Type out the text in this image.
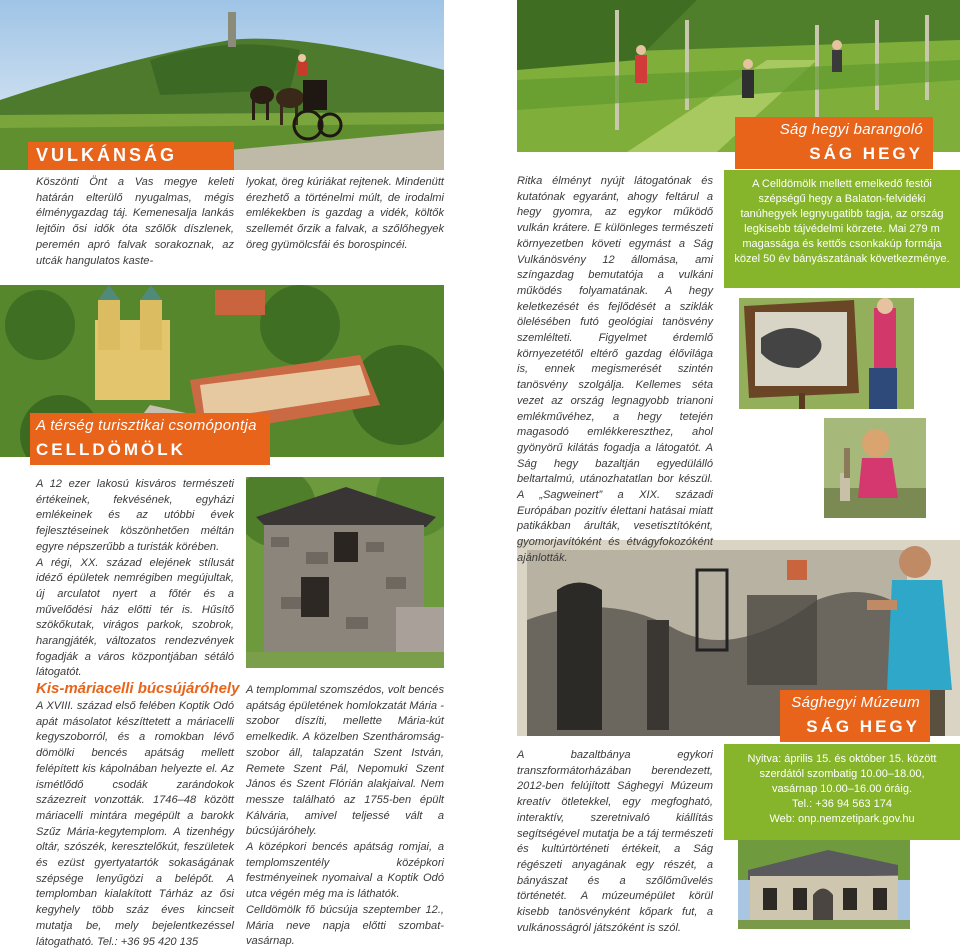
VULKÁNSÁG
A térség turisztikai csomópontja
CELLDÖMÖLK
Ság hegyi barangoló
SÁG HEGY
Sághegyi Múzeum
SÁG HEGY

Köszönti Önt a Vas megye keleti határán elterülő nyugalmas, mégis élménygazdag táj. Kemenesalja lankás lejtőin ősi idők óta szőlők díszlenek, peremén apró falvak sorakoznak, az utcák hangulatos kaste-

lyokat, öreg kúriákat rejtenek. Mindenütt érezhető a történelmi múlt, de irodalmi emlékekben is gazdag a vidék, költők szellemét őrzik a falvak, a szőlőhegyek öreg gyümölcsfái és borospincéi.

A 12 ezer lakosú kisváros természeti értékeinek, fekvésének, egyházi emlékeinek és az utóbbi évek fejlesztéseinek köszönhetően méltán egyre népszerűbb a turisták körében.

A régi, XX. század elejének stílusát idéző épületek nemrégiben megújultak, új arculatot nyert a főtér és a művelődési ház előtti tér is. Hűsítő szökőkutak, virágos parkok, szobrok, harangjáték, változatos rendezvények fogadják a város központjában sétáló látogatót.

Kis-máriacelli búcsújáróhely

A XVIII. század első felében Koptik Odó apát másolatot készíttetett a máriacelli kegyszoborról, és a romokban lévő dömölki bencés apátság mellett felépített kis kápolnában helyezte el. Az ismétlődő csodák zarándokok százezreit vonzották. 1746–48 között máriacelli mintára megépült a barokk Szűz Mária-kegytemplom. A tizenhégy oltár, szószék, keresztelőkút, feszületek és ezüst gyertyatartók sokaságának szépsége lenyűgözi a belépőt. A templomban kialakított Tárház az ősi kegyhely több száz éves kincseit mutatja be, mely bejelentkezéssel látogatható. Tel.: +36 95 420 135

A templommal szomszédos, volt bencés apátság épületének homlokzatát Mária -szobor díszíti, mellette Mária-kút emelkedik. A közelben Szentháromság-szobor áll, talapzatán Szent István, Remete Szent Pál, Nepomuki Szent János és Szent Flórián alakjaival. Nem messze található az 1755-ben épült Kálvária, amivel teljessé vált a búcsújáróhely.

A középkori bencés apátság romjai, a templomszentély középkori festményeinek nyomaival a Koptik Odó utca végén még ma is láthatók.

Celldömölk fő búcsúja szeptember 12., Mária neve napja előtti szombat-vasárnap.

Ritka élményt nyújt látogatónak és kutatónak egyaránt, ahogy feltárul a hegy gyomra, az egykor működő vulkán krátere. E különleges természeti környezetben követi egymást a Ság Vulkánösvény 12 állomása, ami színgazdag bemutatója a vulkáni működés folyamatának. A hegy keletkezését és fejlődését a sziklák ölelésében futó geológiai tanösvény szemlélteti. Figyelmet érdemlő környezetétől eltérő gazdag élővilága is, ennek megismerését szintén tanösvény szolgálja. Kellemes séta vezet az ország legnagyobb trianoni emlékművéhez, a hegy tetején magasodó emlékkereszthez, ahol gyönyörű kilátás fogadja a látogatót. A Ság hegy bazaltján egyedülálló beltartalmú, utánozhatatlan bor készül. A „Sagweinert” a XIX. századi Európában pozitív élettani hatásai miatt patikákban árulták, vesetisztítóként, gyomorjavítóként és étvágyfokozóként ajánlották.

A Celldömölk mellett emelkedő festői szépségű hegy a Balaton-felvidéki tanúhegyek legnyugatibb tagja, az ország legkisebb tájvédelmi körzete. Mai 279 m magassága és kettős csonkakúp formája közel 50 év bányászatának következménye.
Nyitva: április 15. és október 15. között
szerdától szombatig 10.00–18.00,
vasárnap 10.00–16.00 óráig.
Tel.: +36 94 563 174
Web: onp.nemzetipark.gov.hu

A bazaltbánya egykori transzformátorházában berendezett, 2012-ben felújított Sághegyi Múzeum kreatív ötletekkel, egy megfogható, interaktív, szeretnivaló kiállítás segítségével mutatja be a táj természeti és kultúrtörténeti értékeit, a Ság régészeti anyagának egy részét, a bányászat és a szőlőművelés történetét. A múzeumépület körül kisebb tanösvényként kőpark fut, a vulkánosságról játszóként is szól.
